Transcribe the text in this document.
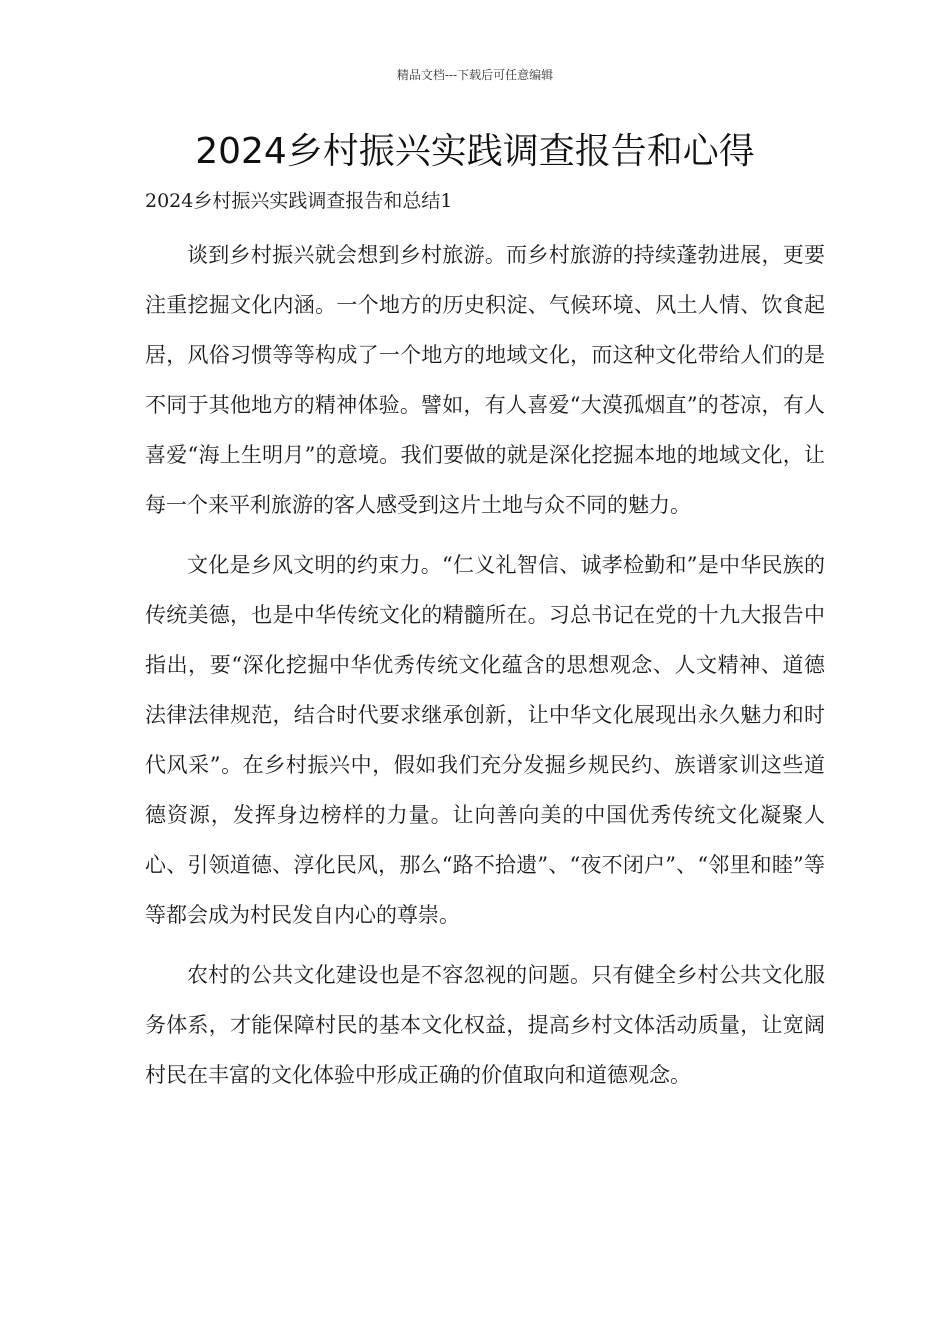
精品文档---下载后可任意编辑
2024乡村振兴实践调查报告和心得
2024乡村振兴实践调查报告和总结1

谈到乡村振兴就会想到乡村旅游。而乡村旅游的持续蓬勃进展，更要注重挖掘文化内涵。一个地方的历史积淀、气候环境、风土人情、饮食起居，风俗习惯等等构成了一个地方的地域文化，而这种文化带给人们的是不同于其他地方的精神体验。譬如，有人喜爱“大漠孤烟直”的苍凉，有人喜爱“海上生明月”的意境。我们要做的就是深化挖掘本地的地域文化，让每一个来平利旅游的客人感受到这片土地与众不同的魅力。

文化是乡风文明的约束力。“仁义礼智信、诚孝检勤和”是中华民族的传统美德，也是中华传统文化的精髓所在。习总书记在党的十九大报告中指出，要“深化挖掘中华优秀传统文化蕴含的思想观念、人文精神、道德法律法律规范，结合时代要求继承创新，让中华文化展现出永久魅力和时代风采”。在乡村振兴中，假如我们充分发掘乡规民约、族谱家训这些道德资源，发挥身边榜样的力量。让向善向美的中国优秀传统文化凝聚人心、引领道德、淳化民风，那么“路不拾遗”、“夜不闭户”、“邻里和睦”等等都会成为村民发自内心的尊崇。

农村的公共文化建设也是不容忽视的问题。只有健全乡村公共文化服务体系，才能保障村民的基本文化权益，提高乡村文体活动质量，让宽阔村民在丰富的文化体验中形成正确的价值取向和道德观念。
